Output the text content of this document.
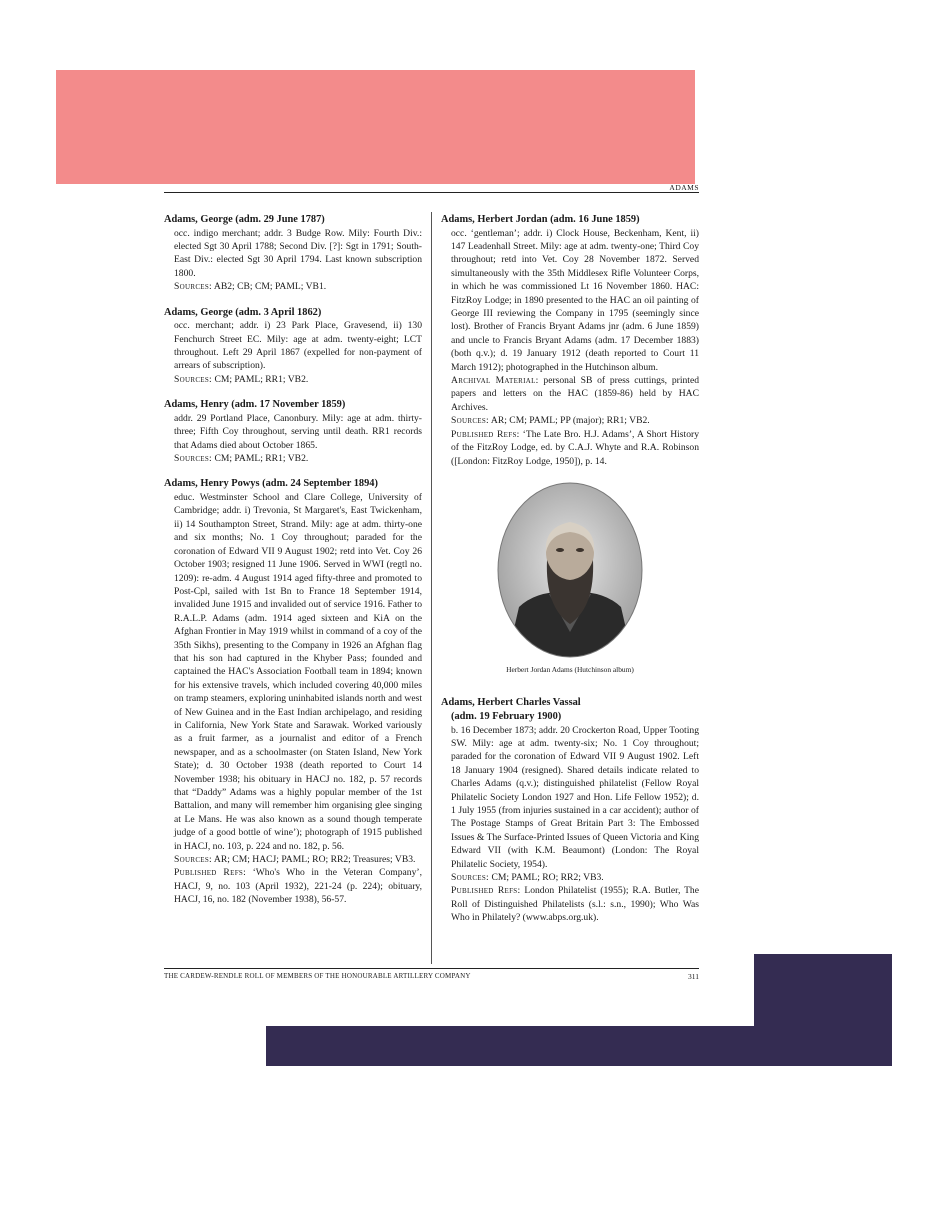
ADAMS
Adams, George (adm. 29 June 1787)
occ. indigo merchant; addr. 3 Budge Row. Mily: Fourth Div.: elected Sgt 30 April 1788; Second Div. [?]: Sgt in 1791; South-East Div.: elected Sgt 30 April 1794. Last known subscription 1800.
Sources: AB2; CB; CM; PAML; VB1.
Adams, George (adm. 3 April 1862)
occ. merchant; addr. i) 23 Park Place, Gravesend, ii) 130 Fenchurch Street EC. Mily: age at adm. twenty-eight; LCT throughout. Left 29 April 1867 (expelled for non-payment of arrears of subscription).
Sources: CM; PAML; RR1; VB2.
Adams, Henry (adm. 17 November 1859)
addr. 29 Portland Place, Canonbury. Mily: age at adm. thirty-three; Fifth Coy throughout, serving until death. RR1 records that Adams died about October 1865.
Sources: CM; PAML; RR1; VB2.
Adams, Henry Powys (adm. 24 September 1894)
educ. Westminster School and Clare College, University of Cambridge; addr. i) Trevonia, St Margaret's, East Twickenham, ii) 14 Southampton Street, Strand. Mily: age at adm. thirty-one and six months; No. 1 Coy throughout; paraded for the coronation of Edward VII 9 August 1902; retd into Vet. Coy 26 October 1903; resigned 11 June 1906. Served in WWI (regtl no. 1209): re-adm. 4 August 1914 aged fifty-three and promoted to Post-Cpl, sailed with 1st Bn to France 18 September 1914, invalided June 1915 and invalided out of service 1916. Father to R.A.L.P. Adams (adm. 1914 aged sixteen and KiA on the Afghan Frontier in May 1919 whilst in command of a coy of the 35th Sikhs), presenting to the Company in 1926 an Afghan flag that his son had captured in the Khyber Pass; founded and captained the HAC's Association Football team in 1894; known for his extensive travels, which included covering 40,000 miles on tramp steamers, exploring uninhabited islands north and west of New Guinea and in the East Indian archipelago, and residing in California, New York State and Sarawak. Worked variously as a fruit farmer, as a journalist and editor of a French newspaper, and as a schoolmaster (on Staten Island, New York State); d. 30 October 1938 (death reported to Court 14 November 1938; his obituary in HACJ no. 182, p. 57 records that “Daddy” Adams was a highly popular member of the 1st Battalion, and many will remember him organising glee singing at Le Mans. He was also known as a sound though temperate judge of a good bottle of wine’); photograph of 1915 published in HACJ, no. 103, p. 224 and no. 182, p. 56.
Sources: AR; CM; HACJ; PAML; RO; RR2; Treasures; VB3.
Published Refs: ‘Who's Who in the Veteran Company’, HACJ, 9, no. 103 (April 1932), 221-24 (p. 224); obituary, HACJ, 16, no. 182 (November 1938), 56-57.
Adams, Herbert Jordan (adm. 16 June 1859)
occ. ‘gentleman’; addr. i) Clock House, Beckenham, Kent, ii) 147 Leadenhall Street. Mily: age at adm. twenty-one; Third Coy throughout; retd into Vet. Coy 28 November 1872. Served simultaneously with the 35th Middlesex Rifle Volunteer Corps, in which he was commissioned Lt 16 November 1860. HAC: FitzRoy Lodge; in 1890 presented to the HAC an oil painting of George III reviewing the Company in 1795 (seemingly since lost). Brother of Francis Bryant Adams jnr (adm. 6 June 1859) and uncle to Francis Bryant Adams (adm. 17 December 1883) (both q.v.); d. 19 January 1912 (death reported to Court 11 March 1912); photographed in the Hutchinson album.
Archival Material: personal SB of press cuttings, printed papers and letters on the HAC (1859-86) held by HAC Archives.
Sources: AR; CM; PAML; PP (major); RR1; VB2.
Published Refs: ‘The Late Bro. H.J. Adams’, A Short History of the FitzRoy Lodge, ed. by C.A.J. Whyte and R.A. Robinson ([London: FitzRoy Lodge, 1950]), p. 14.
Herbert Jordan Adams (Hutchinson album)
Adams, Herbert Charles Vassal
(adm. 19 February 1900)
b. 16 December 1873; addr. 20 Crockerton Road, Upper Tooting SW. Mily: age at adm. twenty-six; No. 1 Coy throughout; paraded for the coronation of Edward VII 9 August 1902. Left 18 January 1904 (resigned). Shared details indicate related to Charles Adams (q.v.); distinguished philatelist (Fellow Royal Philatelic Society London 1927 and Hon. Life Fellow 1952); d. 1 July 1955 (from injuries sustained in a car accident); author of The Postage Stamps of Great Britain Part 3: The Embossed Issues & The Surface-Printed Issues of Queen Victoria and King Edward VII (with K.M. Beaumont) (London: The Royal Philatelic Society, 1954).
Sources: CM; PAML; RO; RR2; VB3.
Published Refs: London Philatelist (1955); R.A. Butler, The Roll of Distinguished Philatelists (s.l.: s.n., 1990); Who Was Who in Philately? (www.abps.org.uk).
THE CARDEW-RENDLE ROLL OF MEMBERS OF THE HONOURABLE ARTILLERY COMPANY	311
